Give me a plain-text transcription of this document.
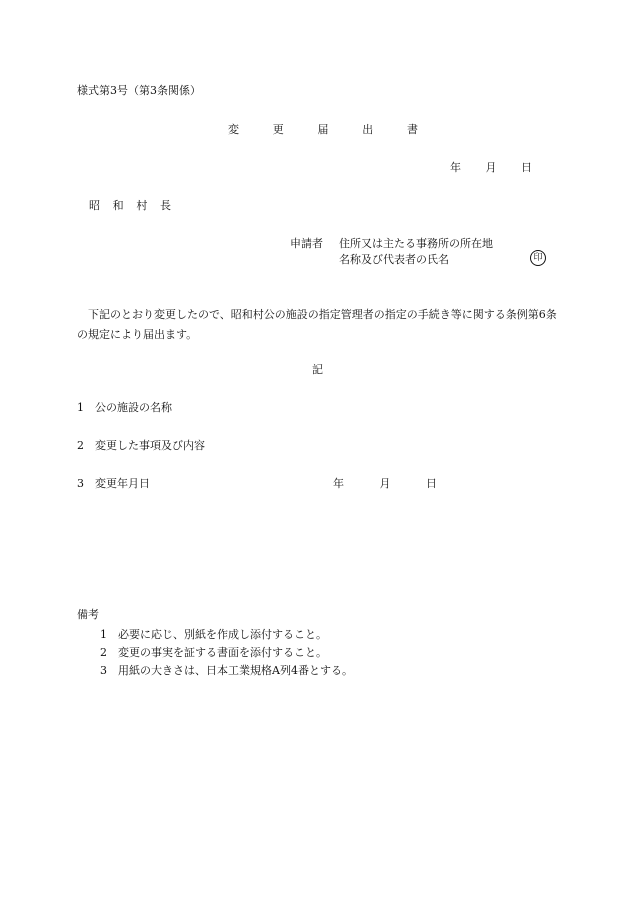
様式第3号（第3条関係）
変	更	届	出	書
年 月 日
昭 和 村 長
申請者 住所又は主たる事務所の所在地
名称及び代表者の氏名	印
下記のとおり変更したので、昭和村公の施設の指定管理者の指定の手続き等に関する条例第6条の規定により届出ます。
記
1 公の施設の名称
2 変更した事項及び内容
3 変更年月日	年	月	日
備考
1 必要に応じ、別紙を作成し添付すること。
2 変更の事実を証する書面を添付すること。
3 用紙の大きさは、日本工業規格A列4番とする。
